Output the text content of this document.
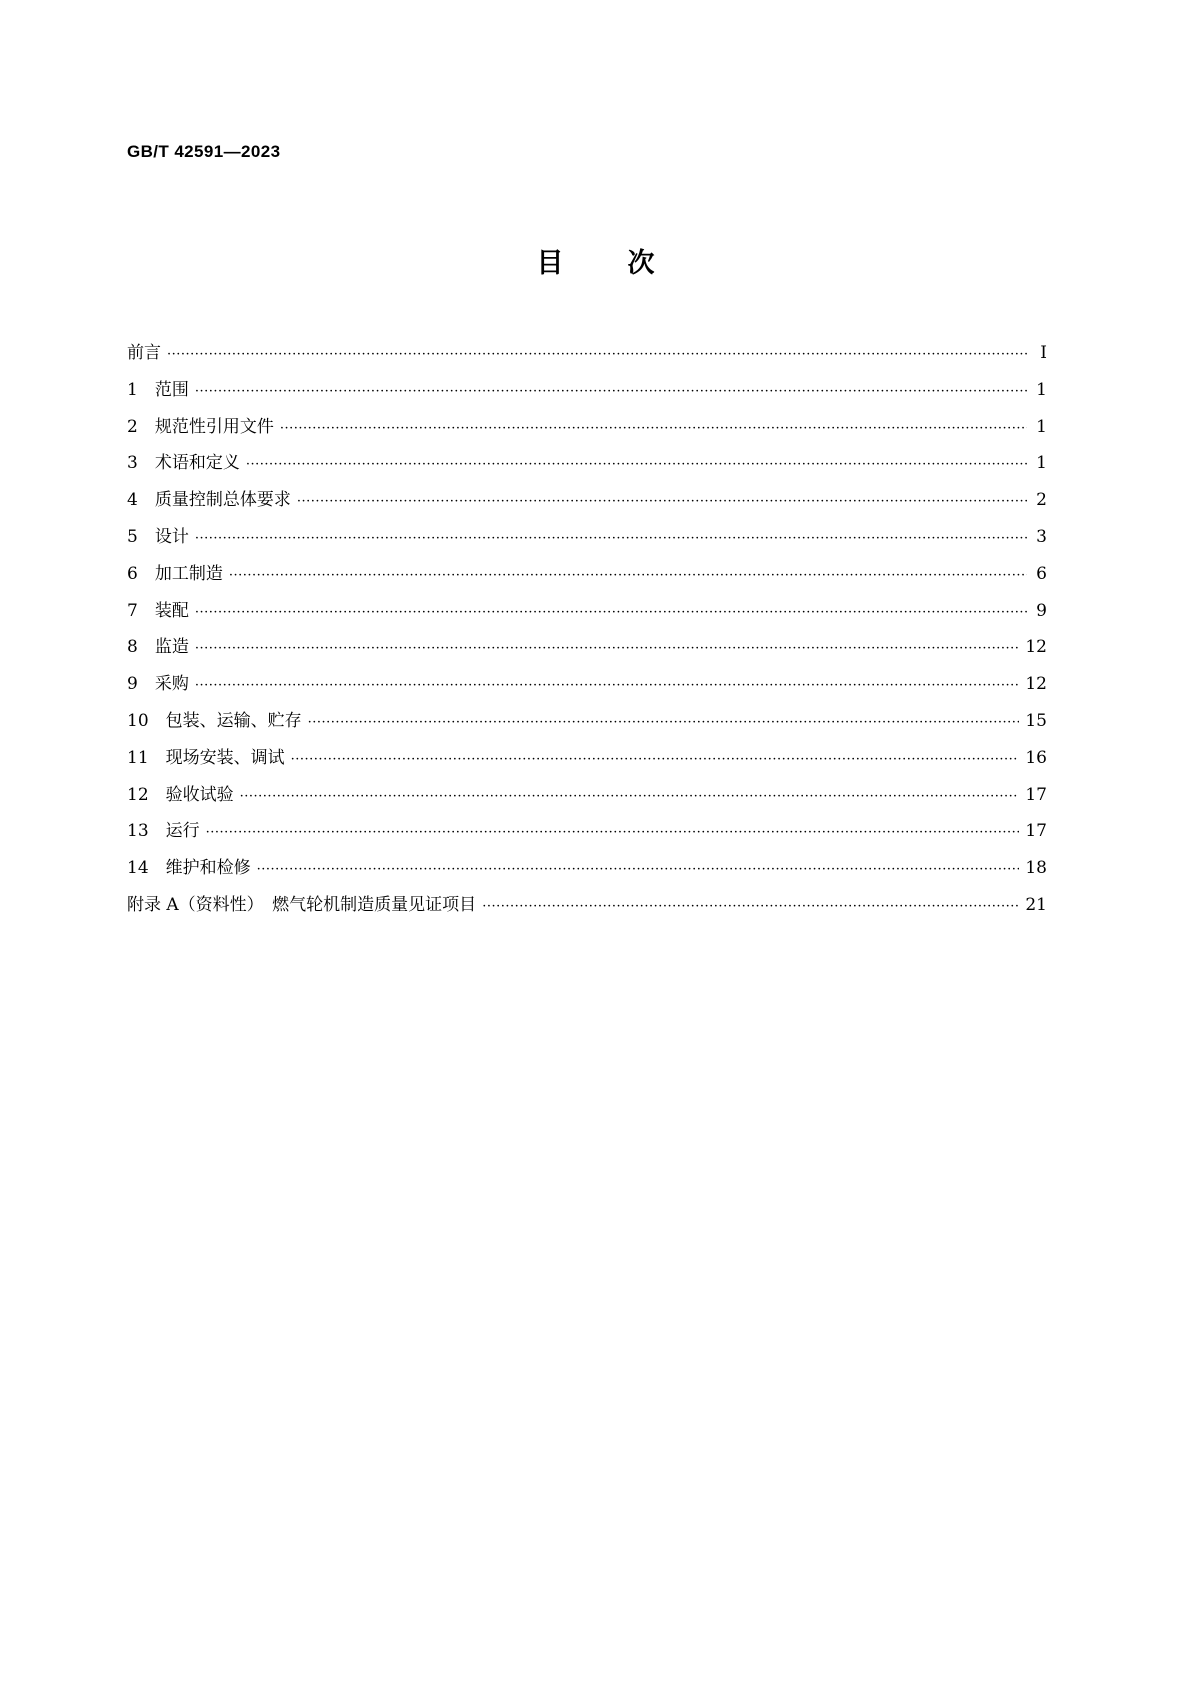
GB/T 42591—2023
目次
前言 ·····	Ⅰ
1　范围 ·····	1
2　规范性引用文件 ·····	1
3　术语和定义 ·····	1
4　质量控制总体要求 ·····	2
5　设计 ·····	3
6　加工制造 ·····	6
7　装配 ·····	9
8　监造 ·····	12
9　采购 ·····	12
10　包装、运输、贮存 ·····	15
11　现场安装、调试 ·····	16
12　验收试验 ·····	17
13　运行 ·····	17
14　维护和检修 ·····	18
附录 A（资料性）　燃气轮机制造质量见证项目 ·····	21
